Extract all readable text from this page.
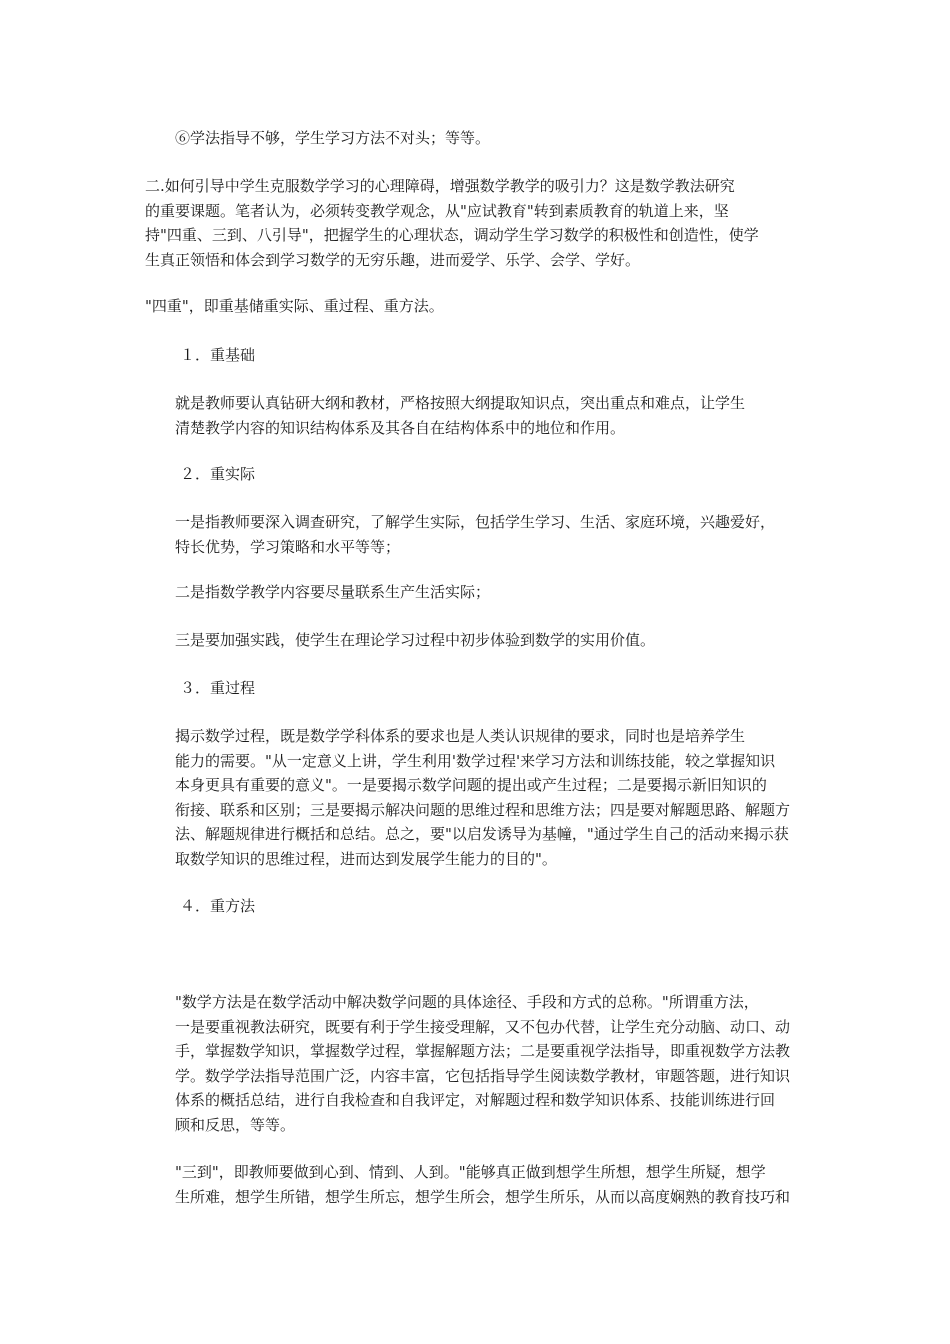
⑥学法指导不够，学生学习方法不对头；等等。

二.如何引导中学生克服数学学习的心理障碍，增强数学教学的吸引力？这是数学教法研究
的重要课题。笔者认为，必须转变教学观念，从"应试教育"转到素质教育的轨道上来，坚
持"四重、三到、八引导"，把握学生的心理状态，调动学生学习数学的积极性和创造性，使学
生真正领悟和体会到学习数学的无穷乐趣，进而爱学、乐学、会学、学好。

"四重"，即重基储重实际、重过程、重方法。

１．重基础

就是教师要认真钻研大纲和教材，严格按照大纲提取知识点，突出重点和难点，让学生
清楚教学内容的知识结构体系及其各自在结构体系中的地位和作用。

２．重实际

一是指教师要深入调查研究，了解学生实际，包括学生学习、生活、家庭环境，兴趣爱好，
特长优势，学习策略和水平等等；

二是指数学教学内容要尽量联系生产生活实际；

三是要加强实践，使学生在理论学习过程中初步体验到数学的实用价值。

３．重过程

揭示数学过程，既是数学学科体系的要求也是人类认识规律的要求，同时也是培养学生
能力的需要。"从一定意义上讲，学生利用'数学过程'来学习方法和训练技能，较之掌握知识
本身更具有重要的意义"。一是要揭示数学问题的提出或产生过程；二是要揭示新旧知识的
衔接、联系和区别；三是要揭示解决问题的思维过程和思维方法；四是要对解题思路、解题方
法、解题规律进行概括和总结。总之，要"以启发诱导为基幢，"通过学生自己的活动来揭示获
取数学知识的思维过程，进而达到发展学生能力的目的"。

４．重方法

"数学方法是在数学活动中解决数学问题的具体途径、手段和方式的总称。"所谓重方法，
一是要重视教法研究，既要有利于学生接受理解，又不包办代替，让学生充分动脑、动口、动
手，掌握数学知识，掌握数学过程，掌握解题方法；二是要重视学法指导，即重视数学方法教
学。数学学法指导范围广泛，内容丰富，它包括指导学生阅读数学教材，审题答题，进行知识
体系的概括总结，进行自我检查和自我评定，对解题过程和数学知识体系、技能训练进行回
顾和反思，等等。

"三到"，即教师要做到心到、情到、人到。"能够真正做到想学生所想，想学生所疑，想学
生所难，想学生所错，想学生所忘，想学生所会，想学生所乐，从而以高度娴熟的教育技巧和
